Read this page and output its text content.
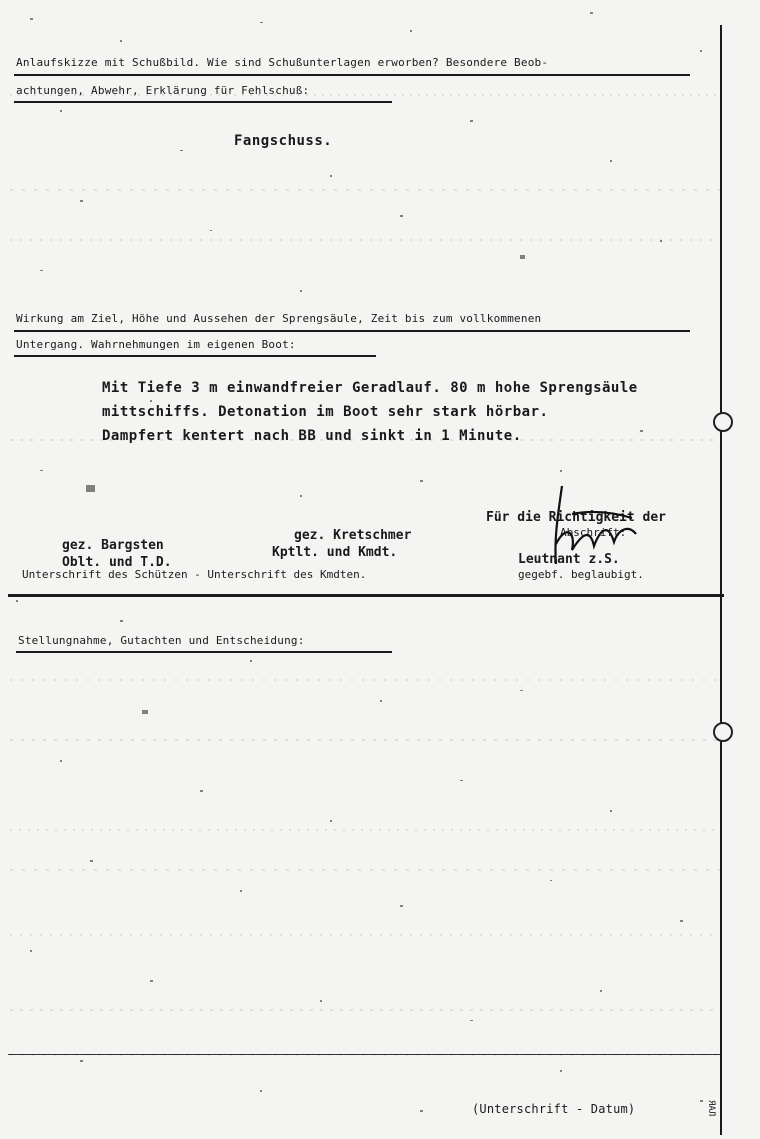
ЯАЛ
Anlaufskizze mit Schußbild. Wie sind Schußunterlagen erworben? Besondere Beob-
achtungen, Abwehr, Erklärung für Fehlschuß:
Fangschuss.
Wirkung am Ziel, Höhe und Aussehen der Sprengsäule, Zeit bis zum vollkommenen
Untergang. Wahrnehmungen im eigenen Boot:
Mit Tiefe 3 m einwandfreier Geradlauf. 80 m hohe Sprengsäule
mittschiffs. Detonation im Boot sehr stark hörbar.
Dampfert kentert nach BB und sinkt in 1 Minute.
gez. Bargsten
Oblt. und T.D.
gez. Kretschmer
Kptlt. und Kmdt.
Unterschrift des Schützen - Unterschrift des Kmdten.
Für die Richtigkeit der
Abschrift:
Leutnant z.S.
gegebf. beglaubigt.
Stellungnahme, Gutachten und Entscheidung:
(Unterschrift - Datum)
